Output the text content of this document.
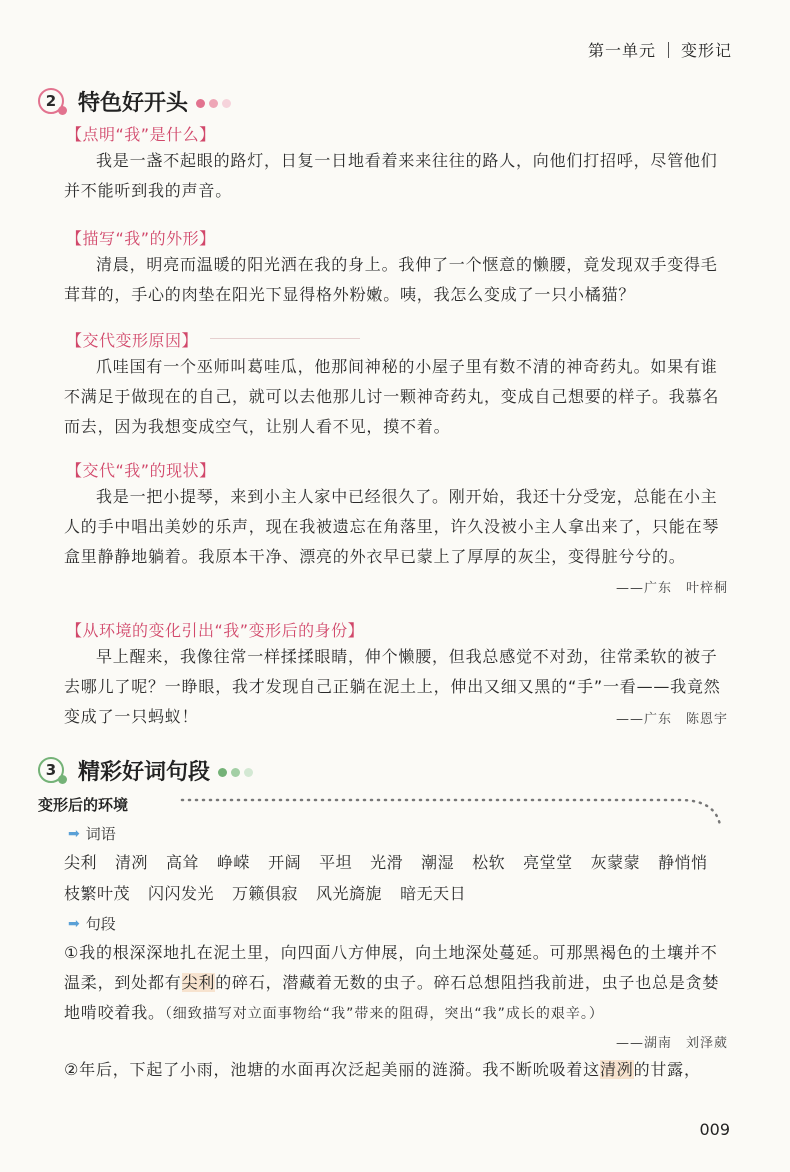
第一单元 变形记
2 特色好开头
【点明“我”是什么】

我是一盏不起眼的路灯，日复一日地看着来来往往的路人，向他们打招呼，尽管他们并不能听到我的声音。

【描写“我”的外形】

清晨，明亮而温暖的阳光洒在我的身上。我伸了一个惬意的懒腰，竟发现双手变得毛茸茸的，手心的肉垫在阳光下显得格外粉嫩。咦，我怎么变成了一只小橘猫？

【交代变形原因】

爪哇国有一个巫师叫葛哇瓜，他那间神秘的小屋子里有数不清的神奇药丸。如果有谁不满足于做现在的自己，就可以去他那儿讨一颗神奇药丸，变成自己想要的样子。我慕名而去，因为我想变成空气，让别人看不见，摸不着。

【交代“我”的现状】

我是一把小提琴，来到小主人家中已经很久了。刚开始，我还十分受宠，总能在小主人的手中唱出美妙的乐声，现在我被遗忘在角落里，许久没被小主人拿出来了，只能在琴盒里静静地躺着。我原本干净、漂亮的外衣早已蒙上了厚厚的灰尘，变得脏兮兮的。

——广东　叶梓桐
【从环境的变化引出“我”变形后的身份】

早上醒来，我像往常一样揉揉眼睛，伸个懒腰，但我总感觉不对劲，往常柔软的被子去哪儿了呢？一睁眼，我才发现自己正躺在泥土上，伸出又细又黑的“手”一看——我竟然变成了一只蚂蚁！	——广东　陈恩宇
3 精彩好词句段
变形后的环境
➡ 词语
尖利 清冽 高耸 峥嵘 开阔 平坦 光滑 潮湿 松软 亮堂堂 灰蒙蒙 静悄悄
枝繁叶茂 闪闪发光 万籁俱寂 风光旖旎 暗无天日
➡ 句段

①我的根深深地扎在泥土里，向四面八方伸展，向土地深处蔓延。可那黑褐色的土壤并不温柔，到处都有尖利的碎石，潜藏着无数的虫子。碎石总想阻挡我前进，虫子也总是贪婪地啃咬着我。（细致描写对立面事物给“我”带来的阻碍，突出“我”成长的艰辛。）

——湖南　刘泽葳

②年后，下起了小雨，池塘的水面再次泛起美丽的涟漪。我不断吮吸着这清冽的甘露，

009
